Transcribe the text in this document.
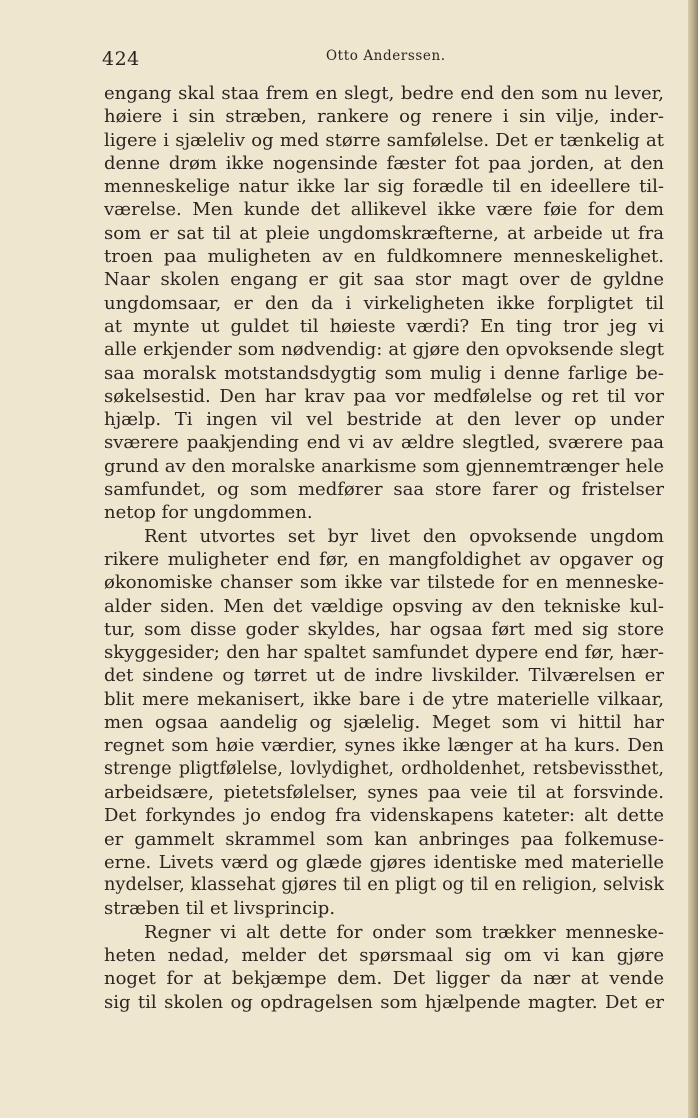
424	Otto Anderssen.
engang skal staa frem en slegt, bedre end den som nu lever,
høiere i sin stræben, rankere og renere i sin vilje, inder-
ligere i sjæleliv og med større samfølelse. Det er tænkelig at
denne drøm ikke nogensinde fæster fot paa jorden, at den
menneskelige natur ikke lar sig forædle til en ideellere til-
værelse. Men kunde det allikevel ikke være føie for dem
som er sat til at pleie ungdomskræfterne, at arbeide ut fra
troen paa muligheten av en fuldkomnere menneskelighet.
Naar skolen engang er git saa stor magt over de gyldne
ungdomsaar, er den da i virkeligheten ikke forpligtet til
at mynte ut guldet til høieste værdi? En ting tror jeg vi
alle erkjender som nødvendig: at gjøre den opvoksende slegt
saa moralsk motstandsdygtig som mulig i denne farlige be-
søkelsestid. Den har krav paa vor medfølelse og ret til vor
hjælp. Ti ingen vil vel bestride at den lever op under
sværere paakjending end vi av ældre slegtled, sværere paa
grund av den moralske anarkisme som gjennemtrænger hele
samfundet, og som medfører saa store farer og fristelser
netop for ungdommen.
Rent utvortes set byr livet den opvoksende ungdom
rikere muligheter end før, en mangfoldighet av opgaver og
økonomiske chanser som ikke var tilstede for en menneske-
alder siden. Men det vældige opsving av den tekniske kul-
tur, som disse goder skyldes, har ogsaa ført med sig store
skyggesider; den har spaltet samfundet dypere end før, hær-
det sindene og tørret ut de indre livskilder. Tilværelsen er
blit mere mekanisert, ikke bare i de ytre materielle vilkaar,
men ogsaa aandelig og sjælelig. Meget som vi hittil har
regnet som høie værdier, synes ikke længer at ha kurs. Den
strenge pligtfølelse, lovlydighet, ordholdenhet, retsbevissthet,
arbeidsære, pietetsfølelser, synes paa veie til at forsvinde.
Det forkyndes jo endog fra videnskapens kateter: alt dette
er gammelt skrammel som kan anbringes paa folkemuse-
erne. Livets værd og glæde gjøres identiske med materielle
nydelser, klassehat gjøres til en pligt og til en religion, selvisk
stræben til et livsprincip.
Regner vi alt dette for onder som trækker menneske-
heten nedad, melder det spørsmaal sig om vi kan gjøre
noget for at bekjæmpe dem. Det ligger da nær at vende
sig til skolen og opdragelsen som hjælpende magter. Det er
